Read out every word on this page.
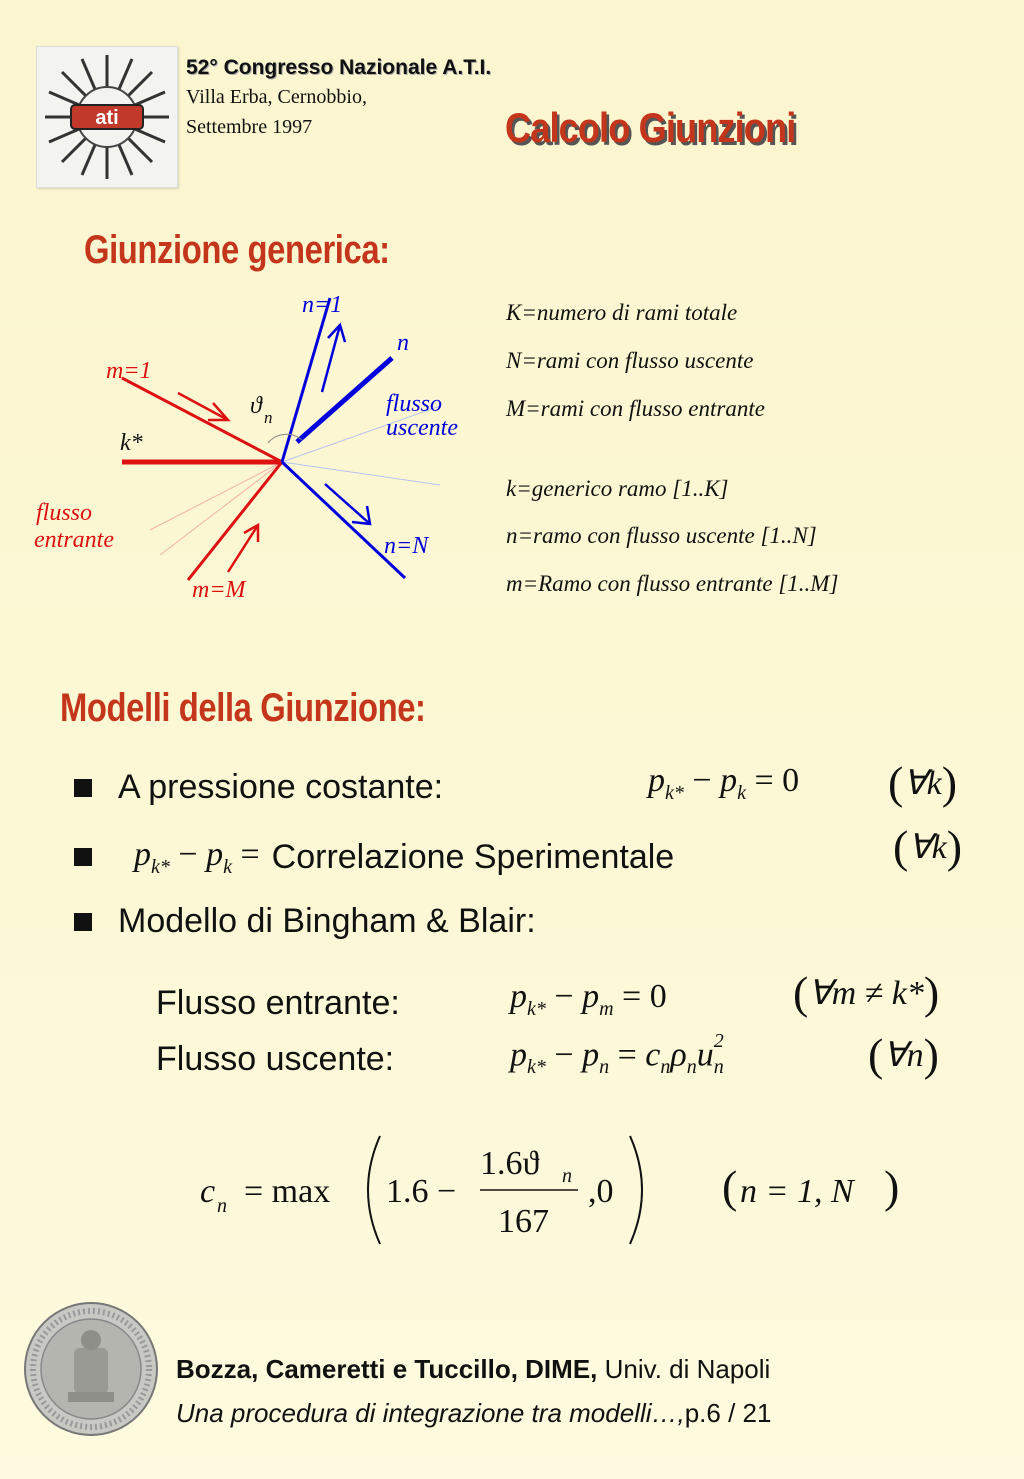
ati
52° Congresso Nazionale A.T.I.
Villa Erba, Cernobbio,
Settembre 1997	Calcolo Giunzioni
Giunzione generica:
n=1
n
flusso
uscente
n=N
m=1
ϑ n
k*
flusso
entrante
m=M
K=numero di rami totale
N=rami con flusso uscente
M=rami con flusso entrante
k=generico ramo [1..K]
n=ramo con flusso uscente [1..N]
m=Ramo con flusso entrante [1..M]
Modelli della Giunzione:
A pressione costante:	$p_{k*} - p_k = 0$ (∀k)
$p_{k*} - p_k$ = Correlazione Sperimentale	(∀k)
Modello di Bingham & Blair:
Flusso entrante:	$p_{k*} - p_m = 0$	(∀m ≠ k*)
Flusso uscente:	$p_{k*} - p_n = c_n\rho_nu_n^2$	(∀n)
c n = max 1.6 −
1.6ϑ n
167
,0 ( n = 1, N )
Bozza, Cameretti e Tuccillo, DIME, Univ. di Napoli
Una procedura di integrazione tra modelli…,p.6 / 21
